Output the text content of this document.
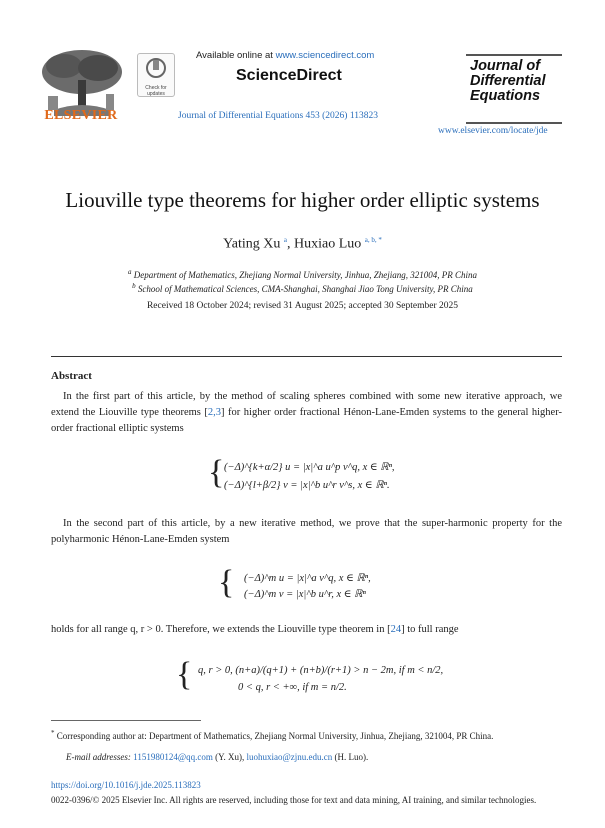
ELSEVIER
Check for updates
Available online at www.sciencedirect.com
ScienceDirect
Journal of Differential Equations 453 (2026) 113823
Journal of
Differential
Equations
www.elsevier.com/locate/jde
Liouville type theorems for higher order elliptic systems
Yating Xu $^a$, Huxiao Luo $^{a, b, *}$
$^a$ Department of Mathematics, Zhejiang Normal University, Jinhua, Zhejiang, 321004, PR China
$^b$ School of Mathematical Sciences, CMA-Shanghai, Shanghai Jiao Tong University, PR China
Received 18 October 2024; revised 31 August 2025; accepted 30 September 2025
Abstract
In the first part of this article, by the method of scaling spheres combined with some new iterative approach, we extend the Liouville type theorems [2,3] for higher order fractional Hénon-Lane-Emden systems to the general higher-order fractional elliptic systems
{ (−Δ)^{k+α/2} u = |x|^a u^p v^q, x ∈ ℝⁿ,
(−Δ)^{l+β/2} v = |x|^b u^r v^s, x ∈ ℝⁿ.
In the second part of this article, by a new iterative method, we prove that the super-harmonic property for the polyharmonic Hénon-Lane-Emden system
{ (−Δ)^m u = |x|^a v^q, x ∈ ℝⁿ,
(−Δ)^m v = |x|^b u^r, x ∈ ℝⁿ
holds for all range q, r > 0. Therefore, we extends the Liouville type theorem in [24] to full range
{ q, r > 0, (n+a)/(q+1) + (n+b)/(r+1) > n − 2m, if m < n/2,
0 < q, r < +∞, if m = n/2.
* Corresponding author at: Department of Mathematics, Zhejiang Normal University, Jinhua, Zhejiang, 321004, PR China.
E-mail addresses: 1151980124@qq.com (Y. Xu), luohuxiao@zjnu.edu.cn (H. Luo).
https://doi.org/10.1016/j.jde.2025.113823
0022-0396/© 2025 Elsevier Inc. All rights are reserved, including those for text and data mining, AI training, and similar technologies.
